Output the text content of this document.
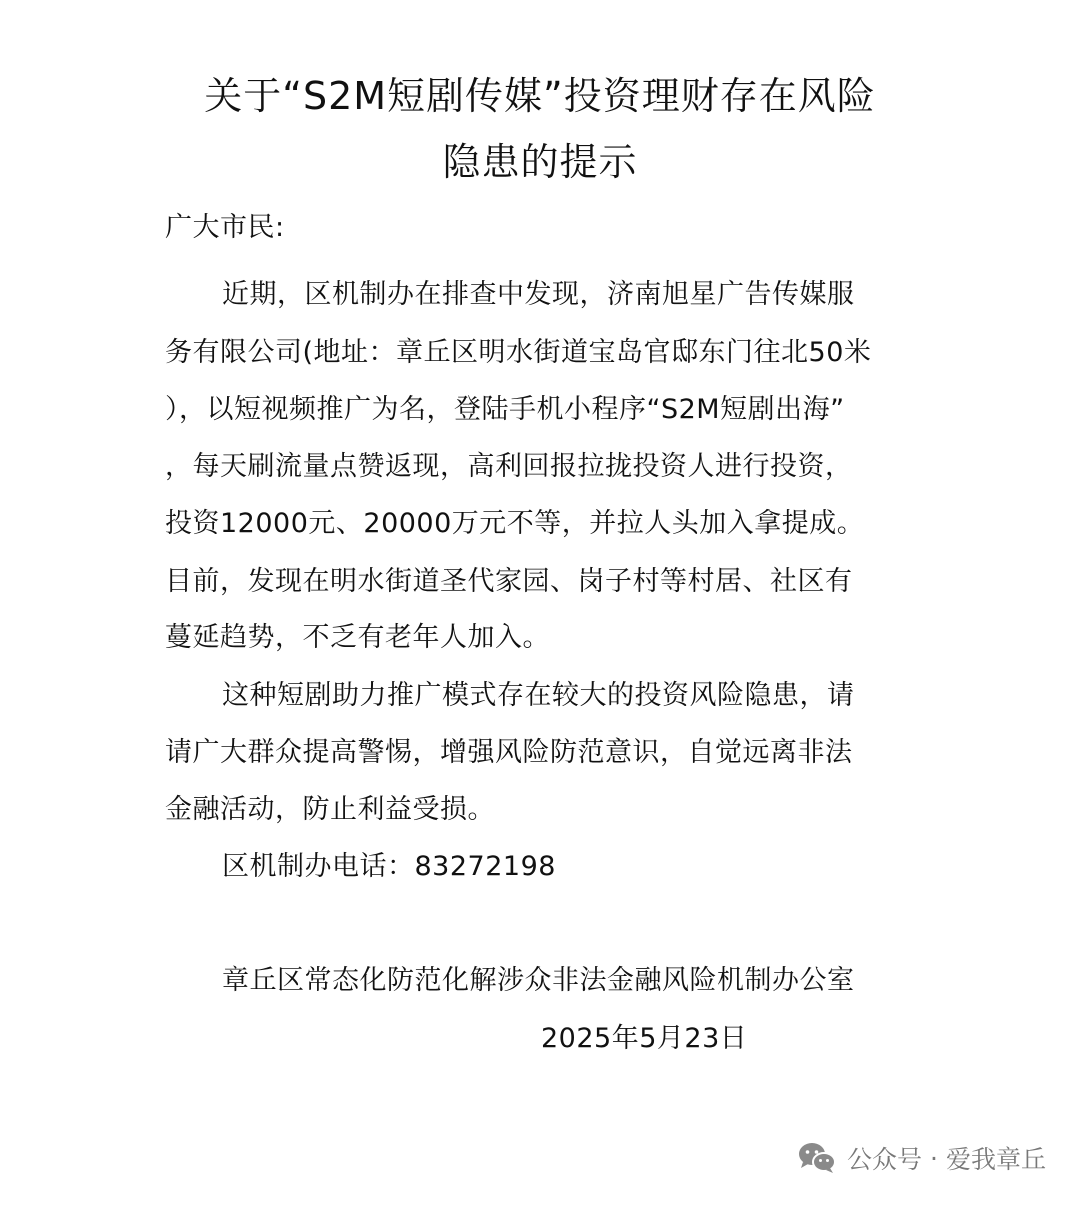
关于“S2M短剧传媒”投资理财存在风险
隐患的提示
广大市民:
近期，区机制办在排查中发现，济南旭星广告传媒服
务有限公司(地址：章丘区明水街道宝岛官邸东门往北50米
），以短视频推广为名，登陆手机小程序“S2M短剧出海”
，每天刷流量点赞返现，高利回报拉拢投资人进行投资，
投资12000元、20000万元不等，并拉人头加入拿提成。
目前，发现在明水街道圣代家园、岗子村等村居、社区有
蔓延趋势，不乏有老年人加入。
这种短剧助力推广模式存在较大的投资风险隐患，请
请广大群众提高警惕，增强风险防范意识，自觉远离非法
金融活动，防止利益受损。
区机制办电话：83272198
章丘区常态化防范化解涉众非法金融风险机制办公室
2025年5月23日
公众号 · 爱我章丘
